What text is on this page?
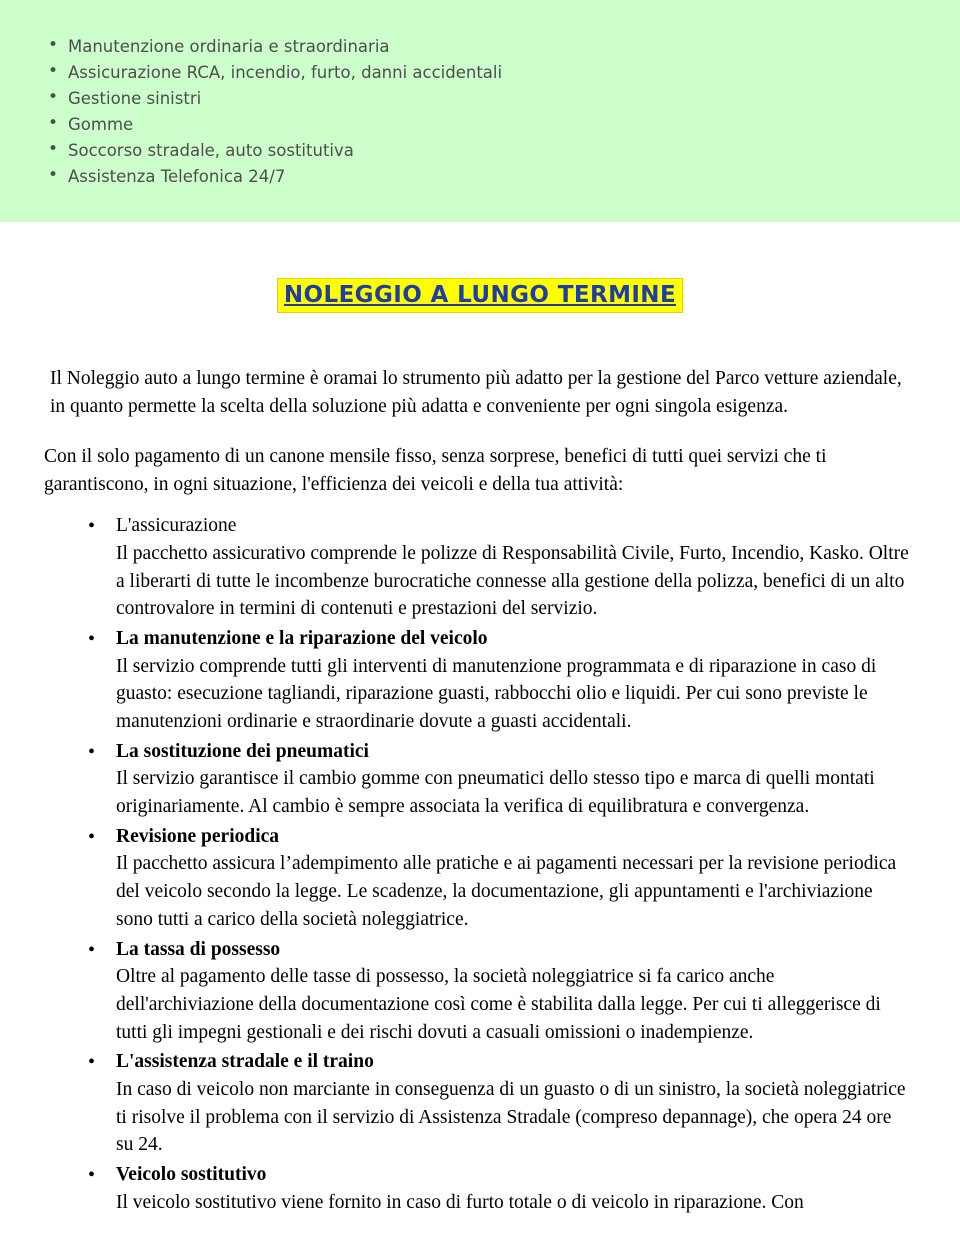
• Manutenzione ordinaria e straordinaria
• Assicurazione RCA, incendio, furto, danni accidentali
• Gestione sinistri
• Gomme
• Soccorso stradale, auto sostitutiva
• Assistenza Telefonica 24/7
NOLEGGIO A LUNGO TERMINE

Il Noleggio auto a lungo termine è oramai lo strumento più adatto per la gestione del Parco vetture aziendale, in quanto permette la scelta della soluzione più adatta e conveniente per ogni singola esigenza.

Con il solo pagamento di un canone mensile fisso, senza sorprese, benefici di tutti quei servizi che ti garantiscono, in ogni situazione, l'efficienza dei veicoli e della tua attività:

• L'assicurazione
Il pacchetto assicurativo comprende le polizze di Responsabilità Civile, Furto, Incendio, Kasko. Oltre a liberarti di tutte le incombenze burocratiche connesse alla gestione della polizza, benefici di un alto controvalore in termini di contenuti e prestazioni del servizio.
• La manutenzione e la riparazione del veicolo
Il servizio comprende tutti gli interventi di manutenzione programmata e di riparazione in caso di guasto: esecuzione tagliandi, riparazione guasti, rabbocchi olio e liquidi. Per cui sono previste le manutenzioni ordinarie e straordinarie dovute a guasti accidentali.
• La sostituzione dei pneumatici
Il servizio garantisce il cambio gomme con pneumatici dello stesso tipo e marca di quelli montati originariamente. Al cambio è sempre associata la verifica di equilibratura e convergenza.
• Revisione periodica
Il pacchetto assicura l’adempimento alle pratiche e ai pagamenti necessari per la revisione periodica del veicolo secondo la legge. Le scadenze, la documentazione, gli appuntamenti e l'archiviazione sono tutti a carico della società noleggiatrice.
• La tassa di possesso
Oltre al pagamento delle tasse di possesso, la società noleggiatrice si fa carico anche dell'archiviazione della documentazione così come è stabilita dalla legge. Per cui ti alleggerisce di tutti gli impegni gestionali e dei rischi dovuti a casuali omissioni o inadempienze.
• L'assistenza stradale e il traino
In caso di veicolo non marciante in conseguenza di un guasto o di un sinistro, la società noleggiatrice ti risolve il problema con il servizio di Assistenza Stradale (compreso depannage), che opera 24 ore su 24.
• Veicolo sostitutivo
Il veicolo sostitutivo viene fornito in caso di furto totale o di veicolo in riparazione. Con
